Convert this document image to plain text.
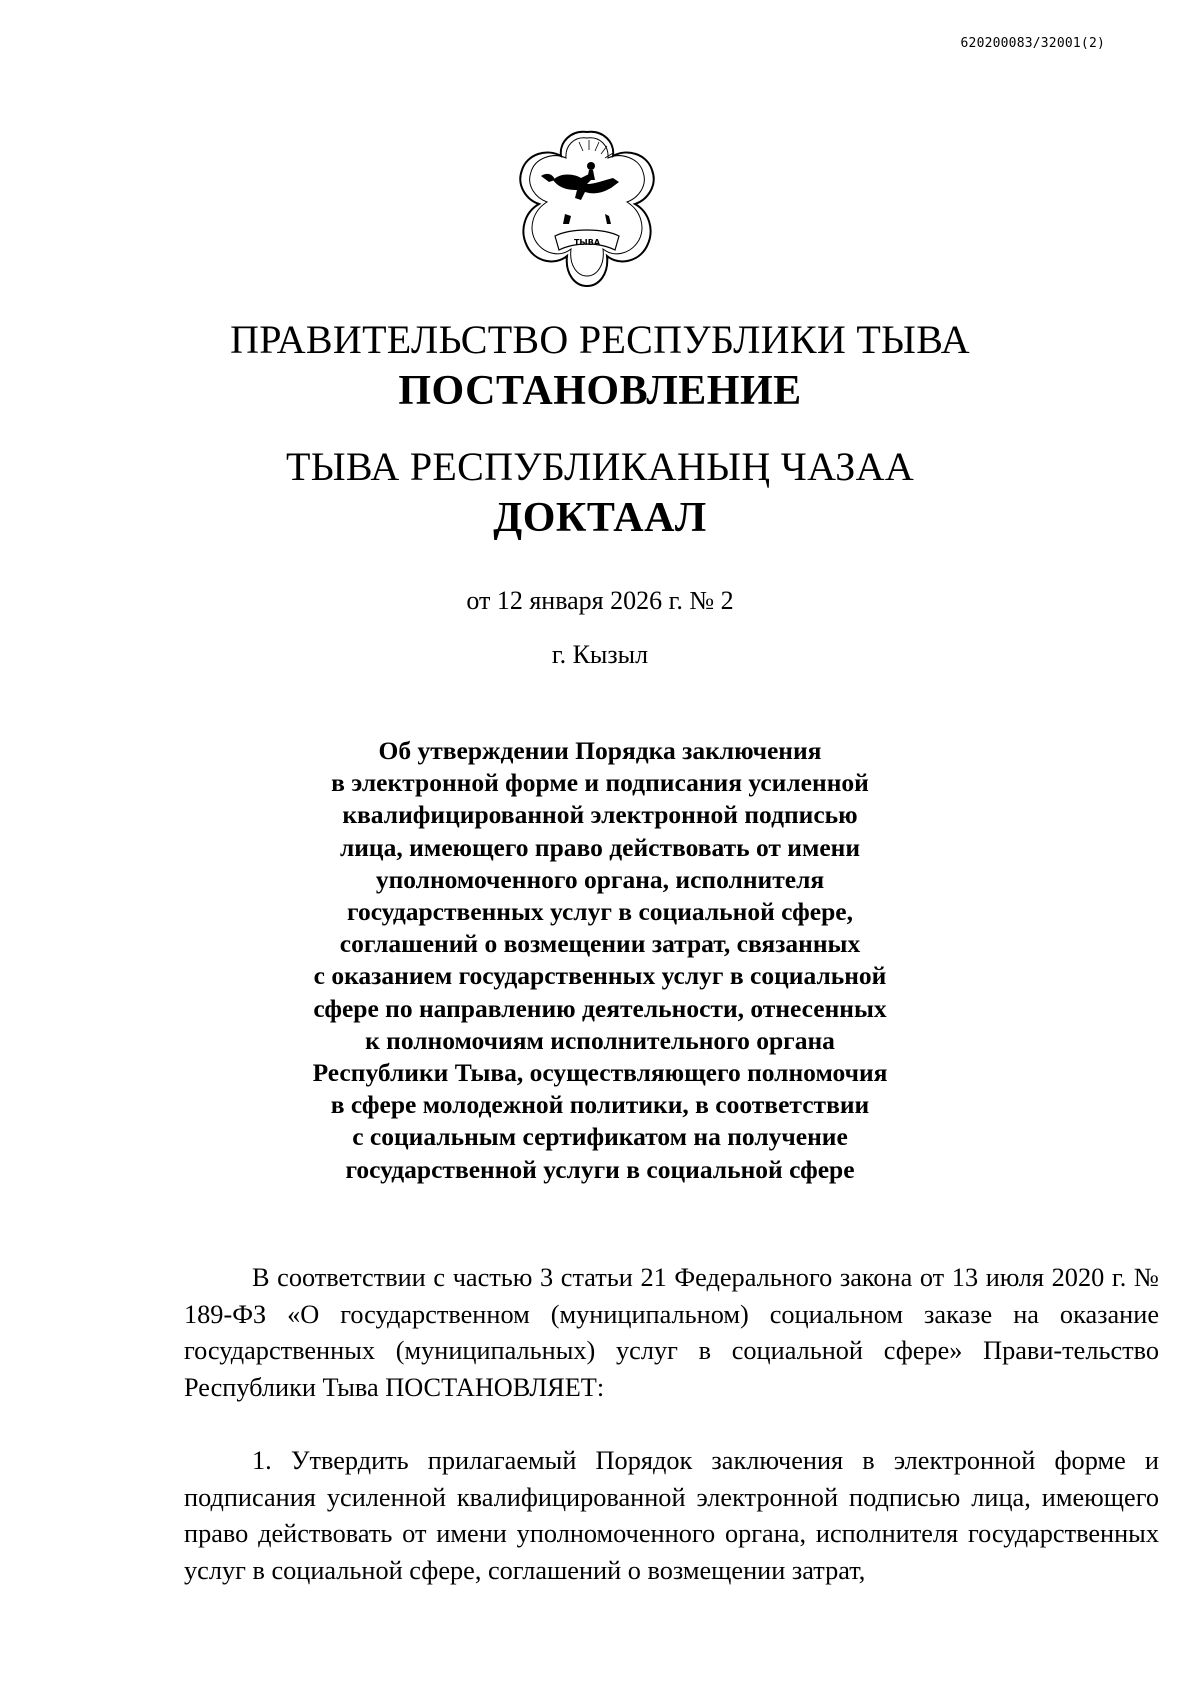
620200083/32001(2)
ТЫВА
ПРАВИТЕЛЬСТВО РЕСПУБЛИКИ ТЫВА
ПОСТАНОВЛЕНИЕ
ТЫВА РЕСПУБЛИКАНЫҢ ЧАЗАА
ДОКТААЛ
от 12 января 2026 г. № 2
г. Кызыл
Об утверждении Порядка заключения
в электронной форме и подписания усиленной
квалифицированной электронной подписью
лица, имеющего право действовать от имени
уполномоченного органа, исполнителя
государственных услуг в социальной сфере,
соглашений о возмещении затрат, связанных
с оказанием государственных услуг в социальной
сфере по направлению деятельности, отнесенных
к полномочиям исполнительного органа
Республики Тыва, осуществляющего полномочия
в сфере молодежной политики, в соответствии
с социальным сертификатом на получение
государственной услуги в социальной сфере
В соответствии с частью 3 статьи 21 Федерального закона от 13 июля 2020 г. № 189-ФЗ «О государственном (муниципальном) социальном заказе на оказание государственных (муниципальных) услуг в социальной сфере» Прави-тельство Республики Тыва ПОСТАНОВЛЯЕТ:
1. Утвердить прилагаемый Порядок заключения в электронной форме и подписания усиленной квалифицированной электронной подписью лица, имеющего право действовать от имени уполномоченного органа, исполнителя государственных услуг в социальной сфере, соглашений о возмещении затрат,
